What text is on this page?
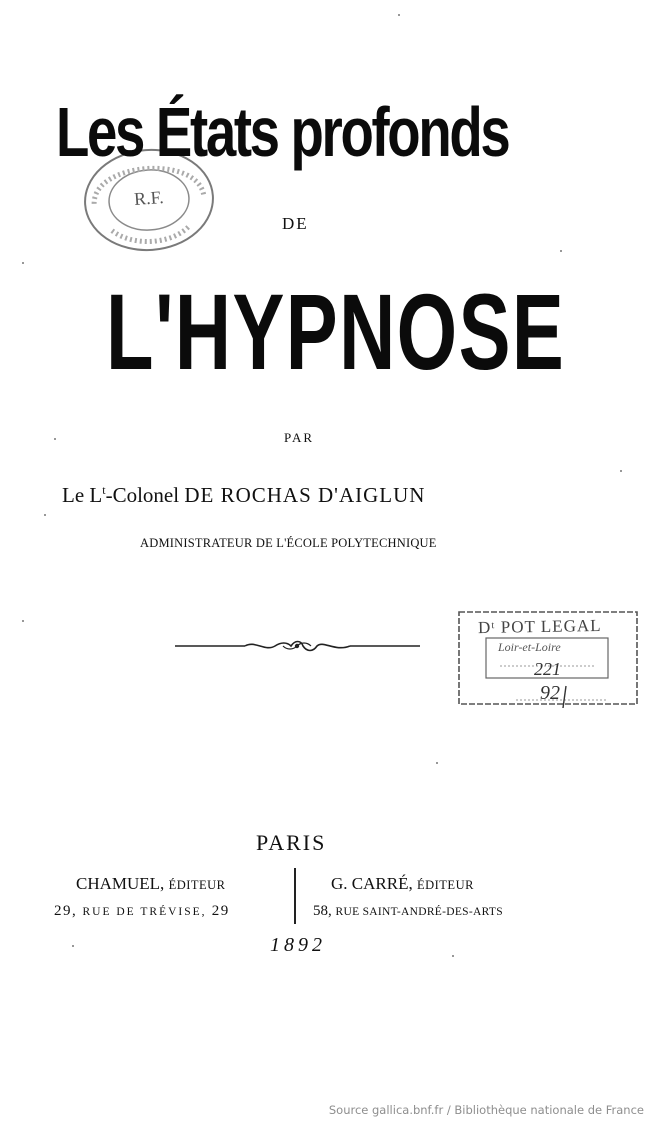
R.F.
Les États profonds
DE
L'HYPNOSE
PAR
Le $L^t$-Colonel DE ROCHAS D'AIGLUN
ADMINISTRATEUR DE L'ÉCOLE POLYTECHNIQUE
Dᵗ POT LEGAL
Loir-et-Loire
221
92
PARIS
CHAMUEL, ÉDITEUR
29, RUE DE TRÉVISE, 29
G. CARRÉ, ÉDITEUR
58, RUE SAINT-ANDRÉ-DES-ARTS
1892
Source gallica.bnf.fr / Bibliothèque nationale de France
